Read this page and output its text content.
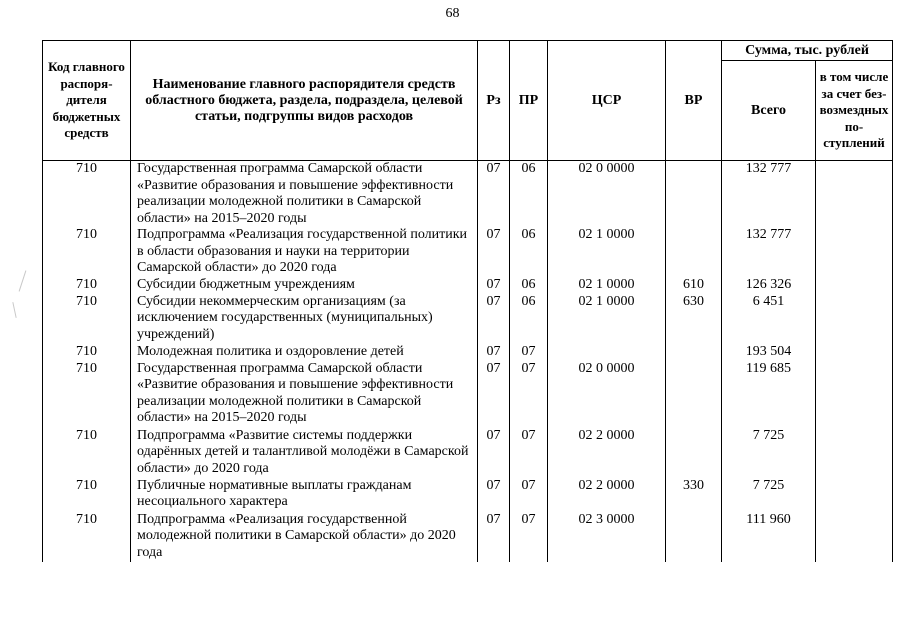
68
Код главного распорядителя бюджетных средств	Наименование главного распорядителя средств областного бюджета, раздела, подраздела, целевой статьи, подгруппы видов расходов	Рз	ПР	ЦСР	ВР	Сумма, тыс. рублей	
						Всего	в том числе за счет безвозмездных поступлений
710	Государственная программа Самарской области «Развитие образования и повышение эффективности реализации молодежной политики в Самарской области» на 2015–2020 годы	07	06	02 0 0000		132 777	
710	Подпрограмма «Реализация государственной политики в области образования и науки на территории Самарской области» до 2020 года	07	06	02 1 0000		132 777	
710	Субсидии бюджетным учреждениям	07	06	02 1 0000	610	126 326	
710	Субсидии некоммерческим организациям (за исключением государственных (муниципальных) учреждений)	07	06	02 1 0000	630	6 451	
710	Молодежная политика и оздоровление детей	07	07			193 504	
710	Государственная программа Самарской области «Развитие образования и повышение эффективности реализации молодежной политики в Самарской области» на 2015–2020 годы	07	07	02 0 0000		119 685	
710	Подпрограмма «Развитие системы поддержки одарённых детей и талантливой молодёжи в Самарской области» до 2020 года	07	07	02 2 0000		7 725	
710	Публичные нормативные выплаты гражданам несоциального характера	07	07	02 2 0000	330	7 725	
710	Подпрограмма «Реализация государственной молодежной политики в Самарской области» до 2020 года	07	07	02 3 0000		111 960	
